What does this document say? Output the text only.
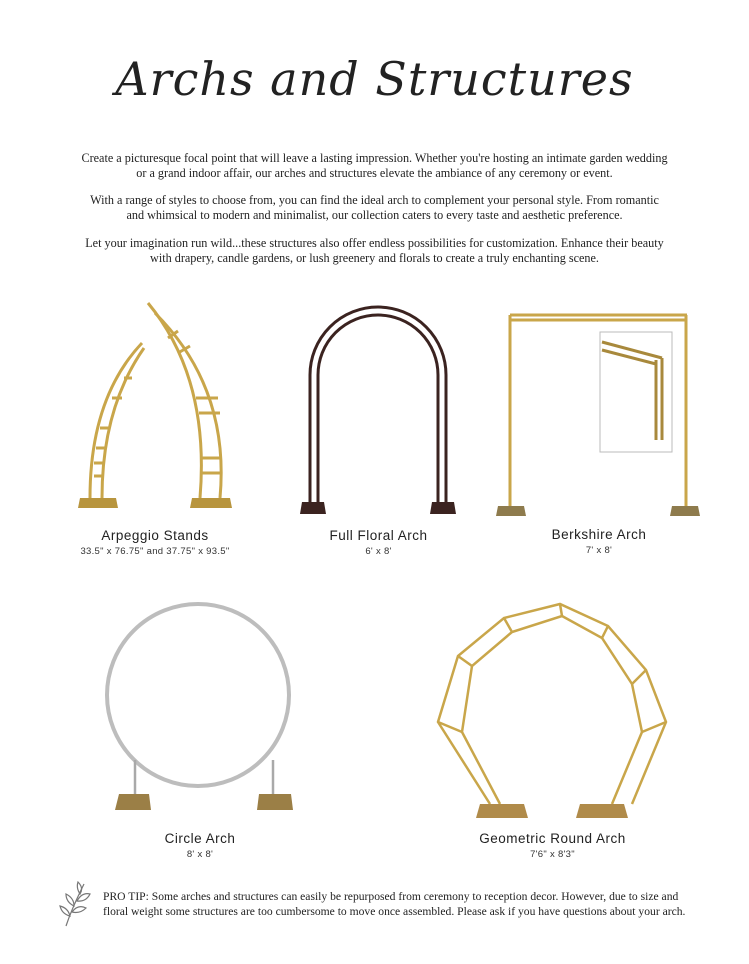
Archs and Structures

Create a picturesque focal point that will leave a lasting impression. Whether you're hosting an intimate garden wedding or a grand indoor affair, our arches and structures elevate the ambiance of any ceremony or event.

With a range of styles to choose from, you can find the ideal arch to complement your personal style. From romantic and whimsical to modern and minimalist, our collection caters to every taste and aesthetic preference.

Let your imagination run wild...these structures also offer endless possibilities for customization. Enhance their beauty with drapery, candle gardens, or lush greenery and florals to create a truly enchanting scene.

Arpeggio Stands
33.5" x 76.75" and 37.75" x 93.5"
Full Floral Arch
6' x 8'
Berkshire Arch
7' x 8'
Circle Arch
8' x 8'
Geometric Round Arch
7'6" x 8'3"
PRO TIP: Some arches and structures can easily be repurposed from ceremony to reception decor. However, due to size and floral weight some structures are too cumbersome to move once assembled. Please ask if you have questions about your arch.
